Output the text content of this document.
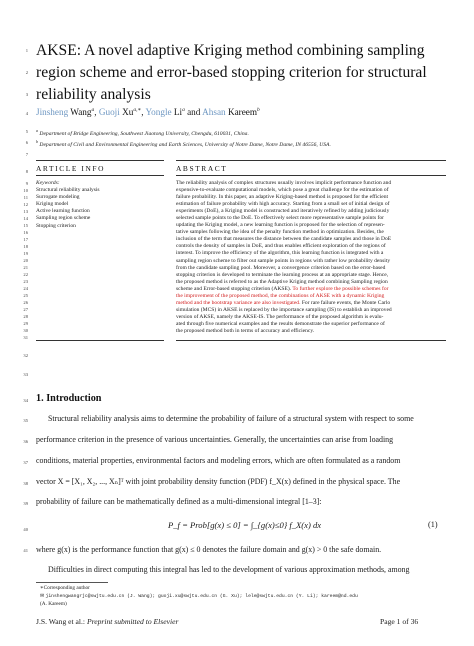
AKSE: A novel adaptive Kriging method combining sampling
region scheme and error-based stopping criterion for structural
reliability analysis
1
2
3
4
5
6
7
8
9
10
11
12
13
14
15
16
17
18
19
20
21
22
23
24
25
26
27
28
29
30
31
32
33
34
35
36
37
38
39
40
41
Jinsheng Wang$^a$, Guoji $Xu^{a,∗}$, Yongle Li$^a$ and Ahsan Kareem$^b$
$^a$ Department of Bridge Engineering, Southwest Jiaotong University, Chengdu, 610031, China.
$^b$ Department of Civil and Environmental Engineering and Earth Sciences, University of Notre Dame, Notre Dame, IN 46556, USA.
ARTICLE INFO	ABSTRACT
Keywords:
Structural reliability analysis
Surrogate modeling
Kriging model
Active learning function
Sampling region scheme
Stopping criterion
The reliability analysis of complex structures usually involves implicit performance function and
expensive-to-evaluate computational models, which pose a great challenge for the estimation of
failure probability. In this paper, an adaptive Kriging-based method is proposed for the efficient
estimation of failure probability with high accuracy. Starting from a small set of initial design of
experiments (DoE), a Kriging model is constructed and iteratively refined by adding judiciously
selected sample points to the DoE. To effectively select more representative sample points for
updating the Kriging model, a new learning function is proposed for the selection of represen-
tative samples following the idea of the penalty function method in optimization. Besides, the
inclusion of the term that measures the distance between the candidate samples and those in DoE
controls the density of samples in DoE, and thus enables efficient exploration of the regions of
interest. To improve the efficiency of the algorithm, this learning function is integrated with a
sampling region scheme to filter out sample points in regions with rather low probability density
from the candidate sampling pool. Moreover, a convergence criterion based on the error-based
stopping criterion is developed to terminate the learning process at an appropriate stage. Hence,
the proposed method is referred to as the Adaptive Kriging method combining Sampling region
scheme and Error-based stopping criterion (AKSE). To further explore the possible schemes for
the improvement of the proposed method, the combinations of AKSE with a dynamic Kriging
method and the bootstrap variance are also investigated. For rare failure events, the Monte Carlo
simulation (MCS) in AKSE is replaced by the importance sampling (IS) to establish an improved
version of AKSE, namely the AKSE-IS. The performance of the proposed algorithm is evalu-
ated through five numerical examples and the results demonstrate the superior performance of
the proposed method both in terms of accuracy and efficiency.
1. Introduction
Structural reliability analysis aims to determine the probability of failure of a structural system with respect to some
performance criterion in the presence of various uncertainties. Generally, the uncertainties can arise from loading
conditions, material properties, environmental factors and modeling errors, which are often formulated as a random
vector X = [X₁, X₂, ..., Xₙ]ᵀ with joint probability density function (PDF) f_X(x) defined in the physical space. The
probability of failure can be mathematically defined as a multi-dimensional integral [1–3]:
P_f = Prob[g(x) ≤ 0] = ∫_{g(x)≤0} f_X(x) dx	(1)
where g(x) is the performance function that g(x) ≤ 0 denotes the failure domain and g(x) > 0 the safe domain.
Difficulties in direct computing this integral has led to the development of various approximation methods, among
∗Corresponding author
✉ jinshengwangrjc@swjtu.edu.cn (J. Wang); guoji.xu@swjtu.edu.cn (G. Xu); lele@swjtu.edu.cn (Y. Li); kareem@nd.edu
(A. Kareem)
J.S. Wang et al.: Preprint submitted to Elsevier	Page 1 of 36
